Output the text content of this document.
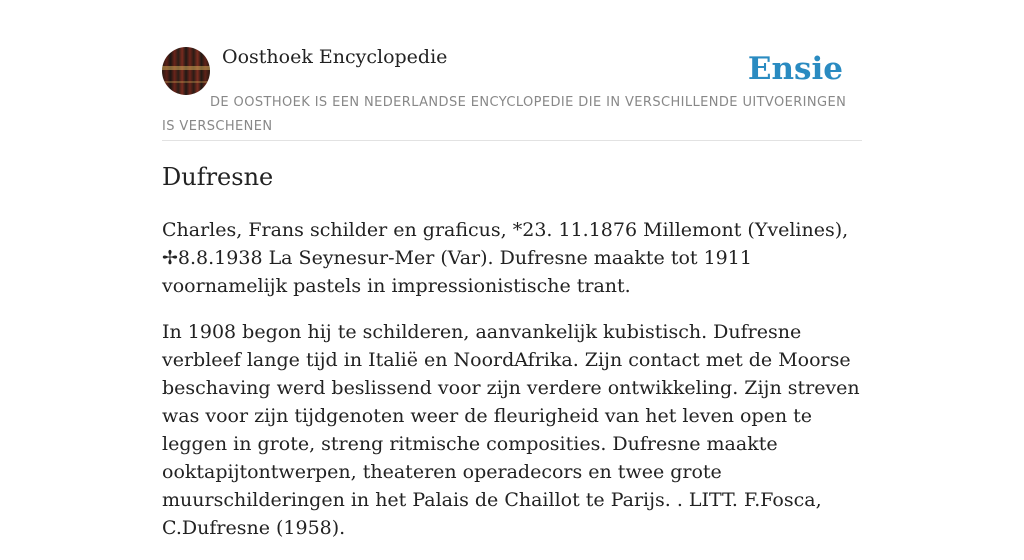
Oosthoek Encyclopedie	Ensie
DE OOSTHOEK IS EEN NEDERLANDSE ENCYCLOPEDIE DIE IN VERSCHILLENDE UITVOERINGEN IS VERSCHENEN
Dufresne

Charles, Frans schilder en graficus, *23. 11.1876 Millemont (Yvelines), ✢8.8.1938 La Seynesur-Mer (Var). Dufresne maakte tot 1911 voornamelijk pastels in impressionistische trant.

In 1908 begon hij te schilderen, aanvankelijk kubistisch. Dufresne verbleef lange tijd in Italië en NoordAfrika. Zijn contact met de Moorse beschaving werd beslissend voor zijn verdere ontwikkeling. Zijn streven was voor zijn tijdgenoten weer de fleurigheid van het leven open te leggen in grote, streng ritmische composities. Dufresne maakte ooktapijtontwerpen, theateren operadecors en twee grote muurschilderingen in het Palais de Chaillot te Parijs. . LITT. F.Fosca, C.Dufresne (1958).
